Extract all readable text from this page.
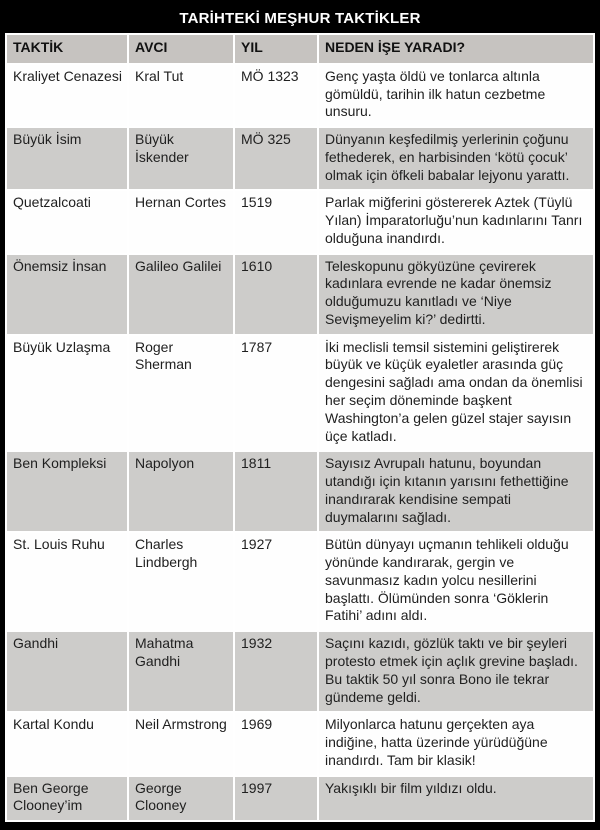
TARİHTEKİ MEŞHUR TAKTİKLER
TAKTİK	AVCI	YIL	NEDEN İŞE YARADI?
Kraliyet Cenazesi	Kral Tut	MÖ 1323	Genç yaşta öldü ve tonlarca altınla gömüldü, tarihin ilk hatun cezbetme unsuru.
Büyük İsim	Büyük İskender	MÖ 325	Dünyanın keşfedilmiş yerlerinin çoğunu fethederek, en harbisinden ‘kötü çocuk’ olmak için öfkeli babalar lejyonu yarattı.
Quetzalcoati	Hernan Cortes	1519	Parlak miğferini göstererek Aztek (Tüylü Yılan) İmparatorluğu’nun kadınlarını Tanrı olduğuna inandırdı.
Önemsiz İnsan	Galileo Galilei	1610	Teleskopunu gökyüzüne çevirerek kadınlara evrende ne kadar önemsiz olduğumuzu kanıtladı ve ‘Niye Sevişmeyelim ki?’ dedirtti.
Büyük Uzlaşma	Roger Sherman	1787	İki meclisli temsil sistemini geliştirerek büyük ve küçük eyaletler arasında güç dengesini sağladı ama ondan da önemlisi her seçim döneminde başkent Washington’a gelen güzel stajer sayısın üçe katladı.
Ben Kompleksi	Napolyon	1811	Sayısız Avrupalı hatunu, boyundan utandığı için kıtanın yarısını fethettiğine inandırarak kendisine sempati duymalarını sağladı.
St. Louis Ruhu	Charles Lindbergh	1927	Bütün dünyayı uçmanın tehlikeli olduğu yönünde kandırarak, gergin ve savunmasız kadın yolcu nesillerini başlattı. Ölümünden sonra ‘Göklerin Fatihi’ adını aldı.
Gandhi	Mahatma Gandhi	1932	Saçını kazıdı, gözlük taktı ve bir şeyleri protesto etmek için açlık grevine başladı. Bu taktik 50 yıl sonra Bono ile tekrar gündeme geldi.
Kartal Kondu	Neil Armstrong	1969	Milyonlarca hatunu gerçekten aya indiğine, hatta üzerinde yürüdüğüne inandırdı. Tam bir klasik!
Ben George Clooney’im	George Clooney	1997	Yakışıklı bir film yıldızı oldu.
